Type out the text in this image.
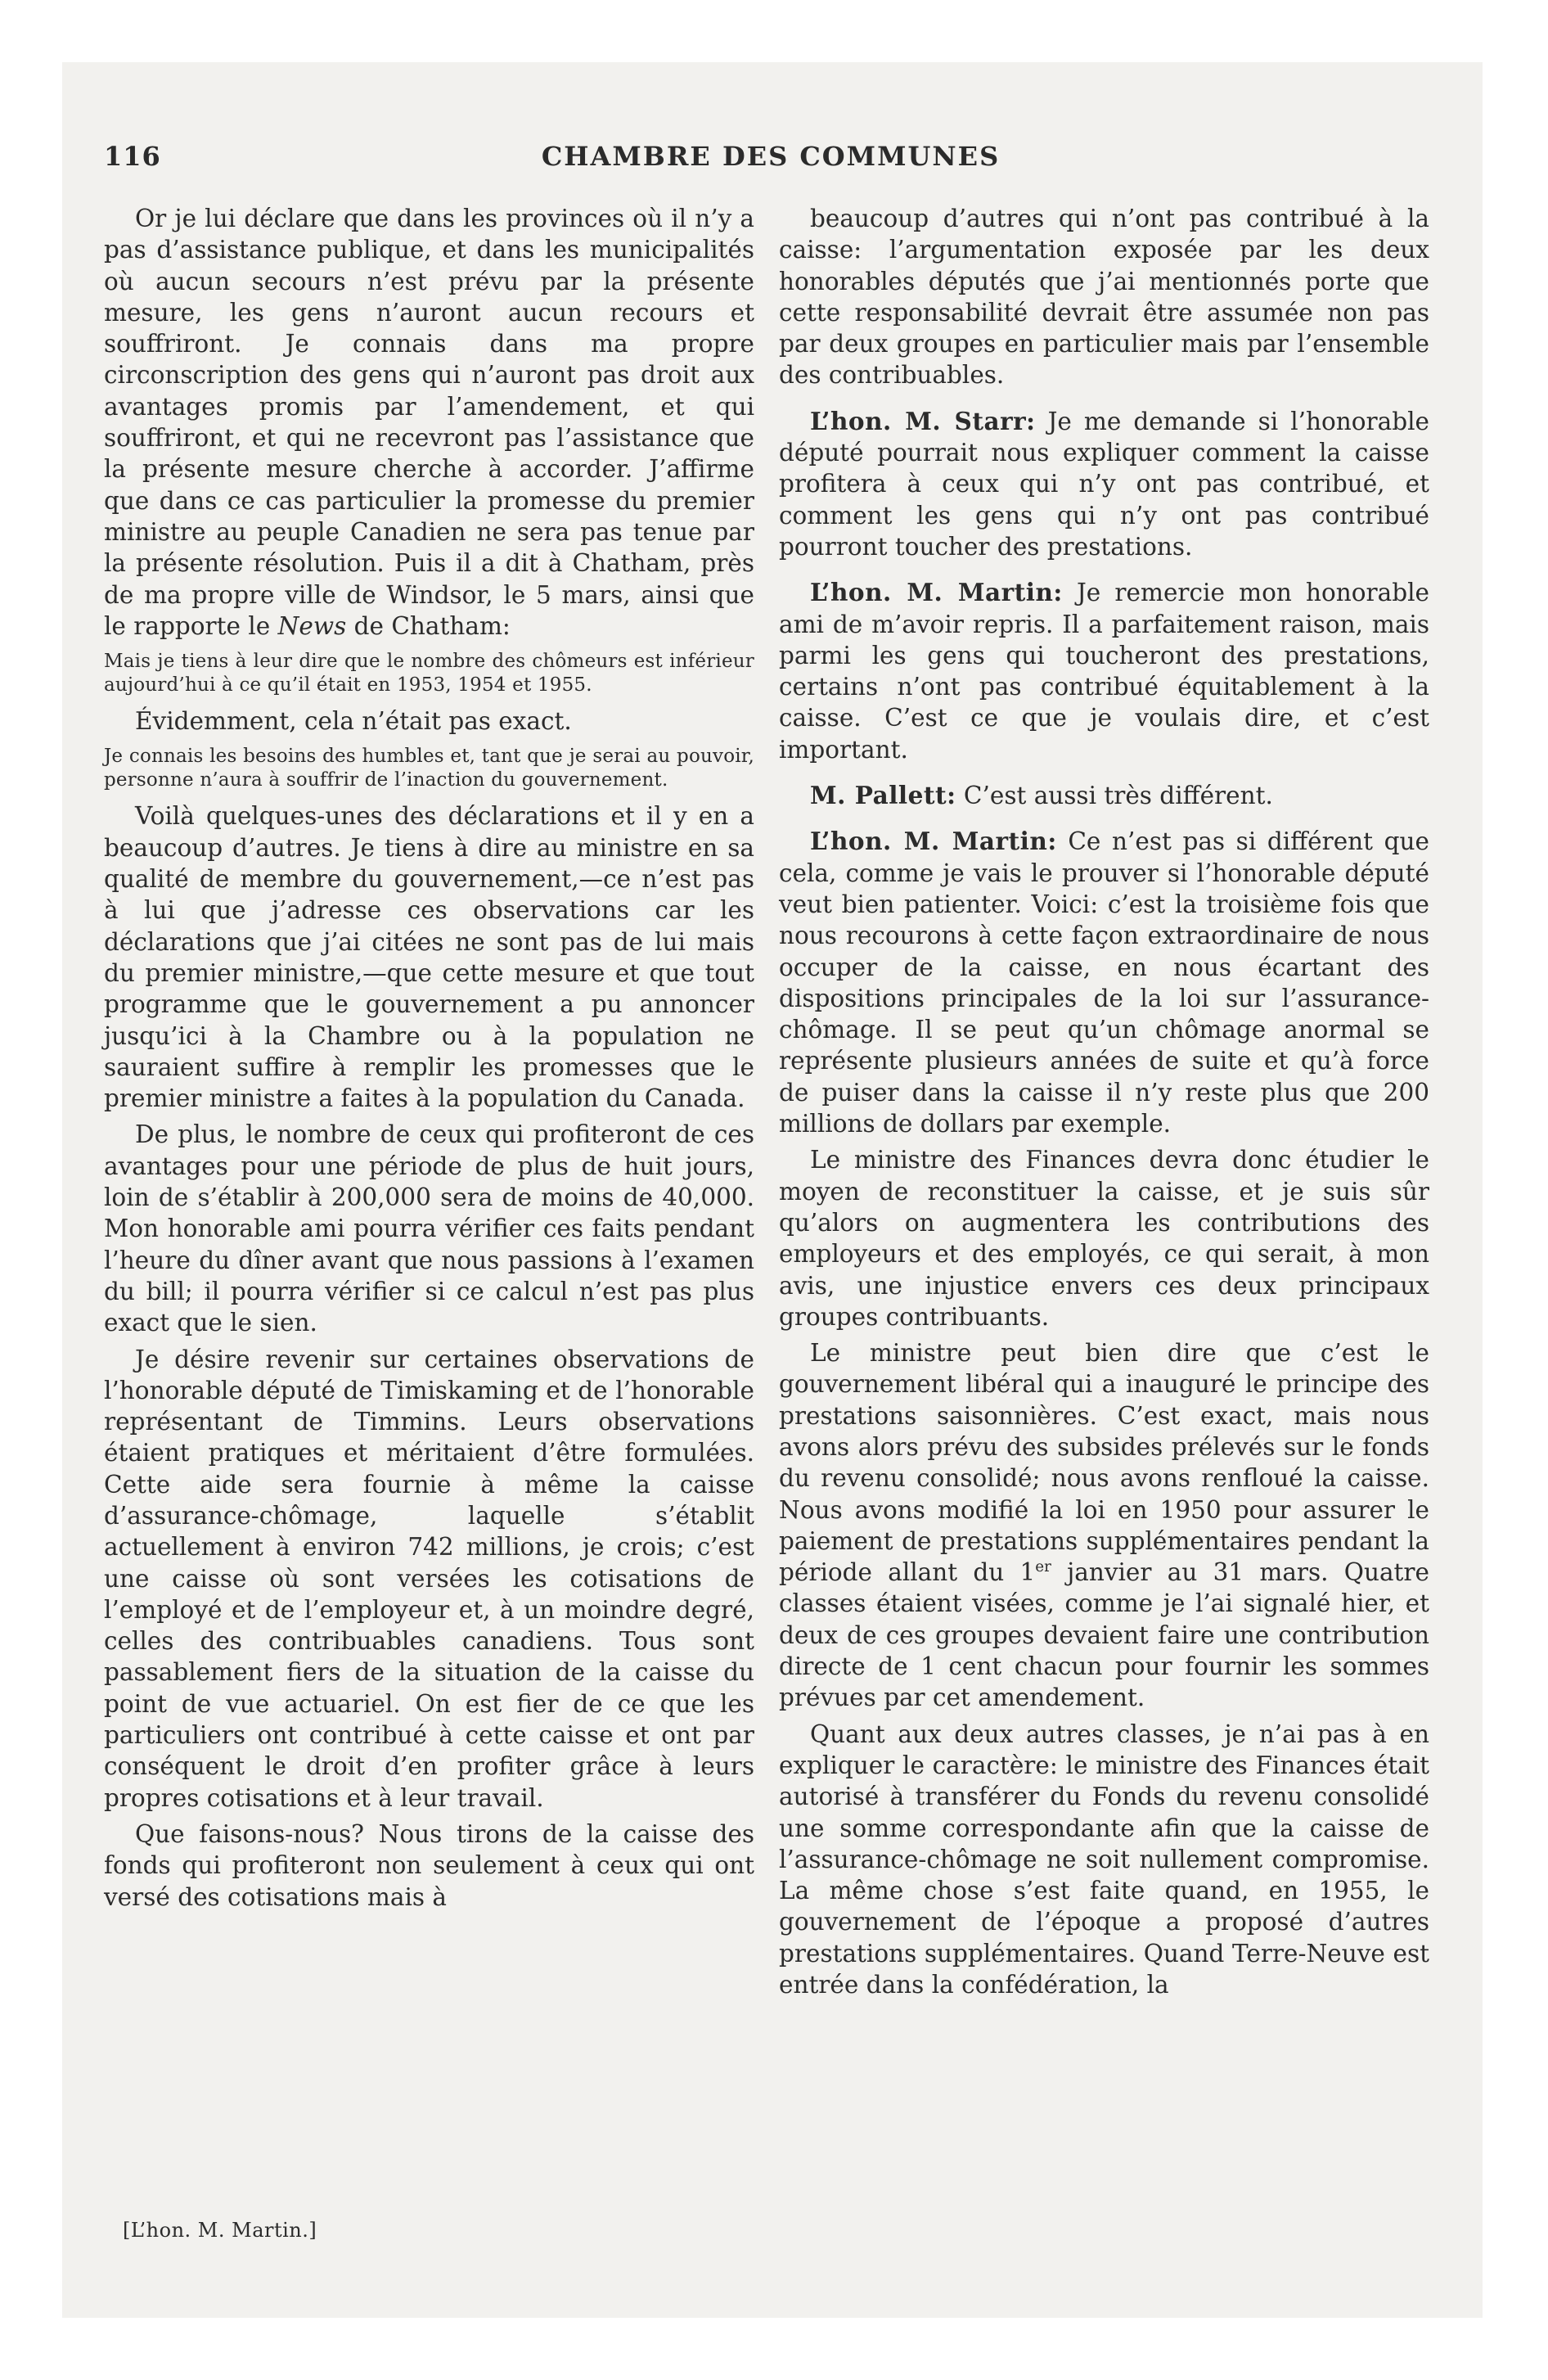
116	CHAMBRE DES COMMUNES

Or je lui déclare que dans les provinces où il n’y a pas d’assistance publique, et dans les municipalités où aucun secours n’est prévu par la présente mesure, les gens n’auront aucun recours et souffriront. Je connais dans ma propre circonscription des gens qui n’auront pas droit aux avantages promis par l’amendement, et qui souffriront, et qui ne recevront pas l’assistance que la présente mesure cherche à accorder. J’affirme que dans ce cas particulier la promesse du premier ministre au peuple Canadien ne sera pas tenue par la présente résolution. Puis il a dit à Chatham, près de ma propre ville de Windsor, le 5 mars, ainsi que le rapporte le News de Chatham:

Mais je tiens à leur dire que le nombre des chômeurs est inférieur aujourd’hui à ce qu’il était en 1953, 1954 et 1955.

Évidemment, cela n’était pas exact.

Je connais les besoins des humbles et, tant que je serai au pouvoir, personne n’aura à souffrir de l’inaction du gouvernement.

Voilà quelques-unes des déclarations et il y en a beaucoup d’autres. Je tiens à dire au ministre en sa qualité de membre du gouvernement,—ce n’est pas à lui que j’adresse ces observations car les déclarations que j’ai citées ne sont pas de lui mais du premier ministre,—que cette mesure et que tout programme que le gouvernement a pu annoncer jusqu’ici à la Chambre ou à la population ne sauraient suffire à remplir les promesses que le premier ministre a faites à la population du Canada.

De plus, le nombre de ceux qui profiteront de ces avantages pour une période de plus de huit jours, loin de s’établir à 200,000 sera de moins de 40,000. Mon honorable ami pourra vérifier ces faits pendant l’heure du dîner avant que nous passions à l’examen du bill; il pourra vérifier si ce calcul n’est pas plus exact que le sien.

Je désire revenir sur certaines observations de l’honorable député de Timiskaming et de l’honorable représentant de Timmins. Leurs observations étaient pratiques et méritaient d’être formulées. Cette aide sera fournie à même la caisse d’assurance-chômage, laquelle s’établit actuellement à environ 742 millions, je crois; c’est une caisse où sont versées les cotisations de l’employé et de l’employeur et, à un moindre degré, celles des contribuables canadiens. Tous sont passablement fiers de la situation de la caisse du point de vue actuariel. On est fier de ce que les particuliers ont contribué à cette caisse et ont par conséquent le droit d’en profiter grâce à leurs propres cotisations et à leur travail.

Que faisons-nous? Nous tirons de la caisse des fonds qui profiteront non seulement à ceux qui ont versé des cotisations mais à

beaucoup d’autres qui n’ont pas contribué à la caisse: l’argumentation exposée par les deux honorables députés que j’ai mentionnés porte que cette responsabilité devrait être assumée non pas par deux groupes en particulier mais par l’ensemble des contribuables.

L’hon. M. Starr: Je me demande si l’honorable député pourrait nous expliquer comment la caisse profitera à ceux qui n’y ont pas contribué, et comment les gens qui n’y ont pas contribué pourront toucher des prestations.

L’hon. M. Martin: Je remercie mon honorable ami de m’avoir repris. Il a parfaitement raison, mais parmi les gens qui toucheront des prestations, certains n’ont pas contribué équitablement à la caisse. C’est ce que je voulais dire, et c’est important.

M. Pallett: C’est aussi très différent.

L’hon. M. Martin: Ce n’est pas si différent que cela, comme je vais le prouver si l’honorable député veut bien patienter. Voici: c’est la troisième fois que nous recourons à cette façon extraordinaire de nous occuper de la caisse, en nous écartant des dispositions principales de la loi sur l’assurance-chômage. Il se peut qu’un chômage anormal se représente plusieurs années de suite et qu’à force de puiser dans la caisse il n’y reste plus que 200 millions de dollars par exemple.

Le ministre des Finances devra donc étudier le moyen de reconstituer la caisse, et je suis sûr qu’alors on augmentera les contributions des employeurs et des employés, ce qui serait, à mon avis, une injustice envers ces deux principaux groupes contribuants.

Le ministre peut bien dire que c’est le gouvernement libéral qui a inauguré le principe des prestations saisonnières. C’est exact, mais nous avons alors prévu des subsides prélevés sur le fonds du revenu consolidé; nous avons renfloué la caisse. Nous avons modifié la loi en 1950 pour assurer le paiement de prestations supplémentaires pendant la période allant du 1er janvier au 31 mars. Quatre classes étaient visées, comme je l’ai signalé hier, et deux de ces groupes devaient faire une contribution directe de 1 cent chacun pour fournir les sommes prévues par cet amendement.

Quant aux deux autres classes, je n’ai pas à en expliquer le caractère: le ministre des Finances était autorisé à transférer du Fonds du revenu consolidé une somme correspondante afin que la caisse de l’assurance-chômage ne soit nullement compromise. La même chose s’est faite quand, en 1955, le gouvernement de l’époque a proposé d’autres prestations supplémentaires. Quand Terre-Neuve est entrée dans la confédération, la

[L’hon. M. Martin.]
